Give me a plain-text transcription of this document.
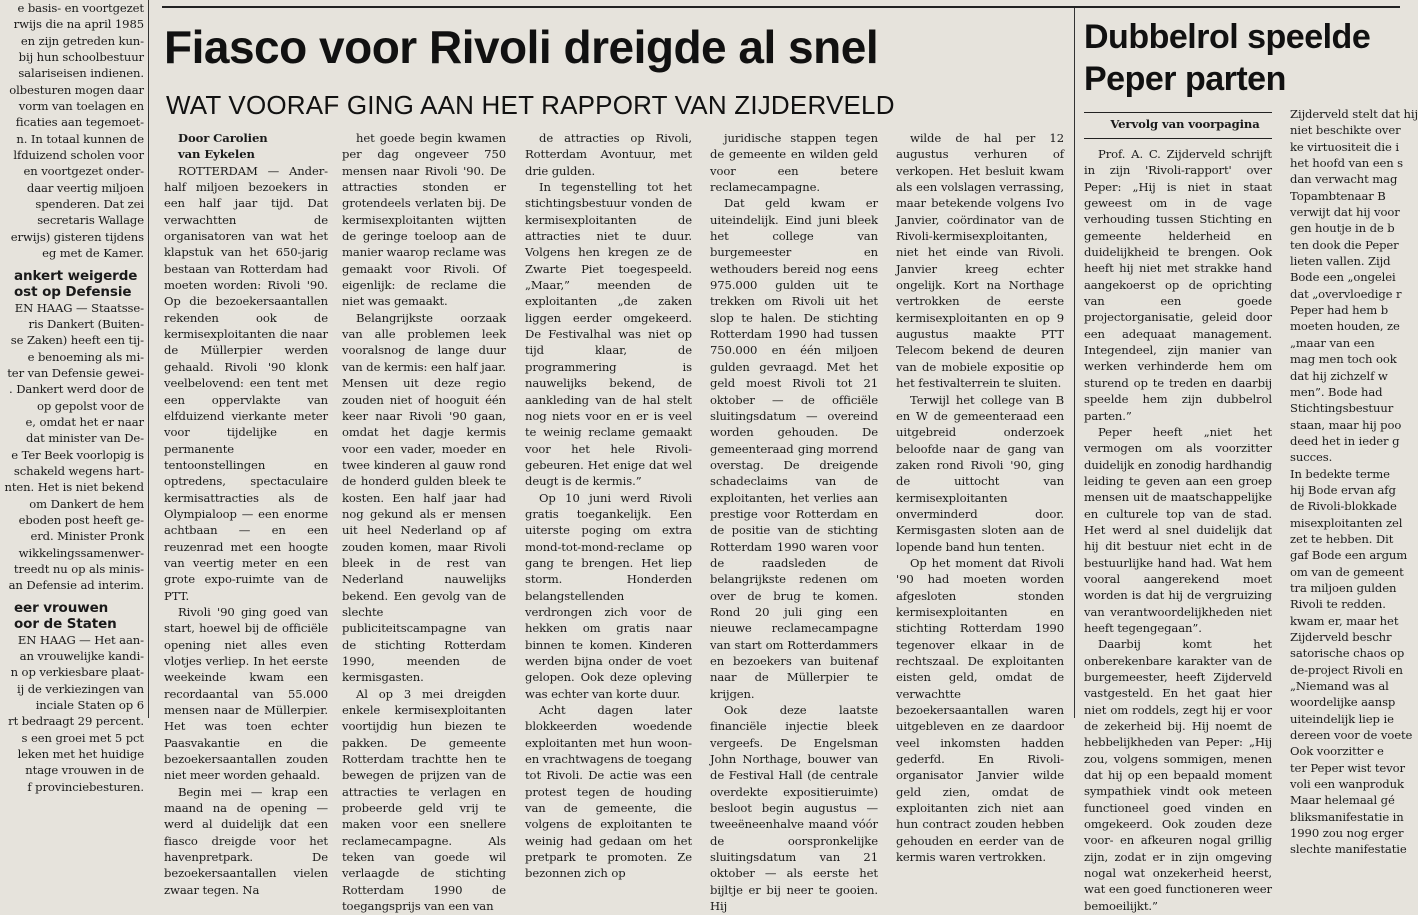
e basis- en voortgezet
rwijs die na april 1985
en zijn getreden kun-
bij hun schoolbestuur
salariseisen indienen.
olbesturen mogen daar
vorm van toelagen en
ficaties aan tegemoet-
n. In totaal kunnen de
lfduizend scholen voor
en voortgezet onder-
daar veertig miljoen
spenderen. Dat zei
secretaris Wallage
erwijs) gisteren tijdens
eg met de Kamer.

ankert weigerde
ost op Defensie

EN HAAG — Staatsse-
ris Dankert (Buiten-
se Zaken) heeft een tij-
e benoeming als mi-
ter van Defensie gewei-
. Dankert werd door de
op gepolst voor de
e, omdat het er naar
dat minister van De-
e Ter Beek voorlopig is
schakeld wegens hart-
nten. Het is niet bekend
om Dankert de hem
eboden post heeft ge-
erd. Minister Pronk
wikkelingssamenwer-
treedt nu op als minis-
an Defensie ad interim.

eer vrouwen
oor de Staten

EN HAAG — Het aan-
an vrouwelijke kandi-
n op verkiesbare plaat-
ij de verkiezingen van
inciale Staten op 6
rt bedraagt 29 percent.
s een groei met 5 pct
leken met het huidige
ntage vrouwen in de
f provinciebesturen.
Fiasco voor Rivoli dreigde al snel
WAT VOORAF GING AAN HET RAPPORT VAN ZIJDERVELD

Door Carolien

van Eykelen

ROTTERDAM — Ander-half miljoen bezoekers in een half jaar tijd. Dat verwachtten de organisatoren van wat het klapstuk van het 650-jarig bestaan van Rotterdam had moeten worden: Rivoli '90. Op die bezoekersaantallen rekenden ook de kermisexploitanten die naar de Müllerpier werden gehaald. Rivoli '90 klonk veelbelovend: een tent met een oppervlakte van elfduizend vierkante meter voor tijdelijke en permanente tentoonstellingen en optredens, spectaculaire kermisattracties als de Olympialoop — een enorme achtbaan — en een reuzenrad met een hoogte van veertig meter en een grote expo-ruimte van de PTT.

Rivoli '90 ging goed van start, hoewel bij de officiële opening niet alles even vlotjes verliep. In het eerste weekeinde kwam een recordaantal van 55.000 mensen naar de Müllerpier. Het was toen echter Paasvakantie en die bezoekersaantallen zouden niet meer worden gehaald.

Begin mei — krap een maand na de opening — werd al duidelijk dat een fiasco dreigde voor het havenpretpark. De bezoekersaantallen vielen zwaar tegen. Na

het goede begin kwamen per dag ongeveer 750 mensen naar Rivoli '90. De attracties stonden er grotendeels verlaten bij. De kermisexploitanten wijtten de geringe toeloop aan de manier waarop reclame was gemaakt voor Rivoli. Of eigenlijk: de reclame die niet was gemaakt.

Belangrijkste oorzaak van alle problemen leek vooralsnog de lange duur van de kermis: een half jaar. Mensen uit deze regio zouden niet of hooguit één keer naar Rivoli '90 gaan, omdat het dagje kermis voor een vader, moeder en twee kinderen al gauw rond de honderd gulden bleek te kosten. Een half jaar had nog gekund als er mensen uit heel Nederland op af zouden komen, maar Rivoli bleek in de rest van Nederland nauwelijks bekend. Een gevolg van de slechte publiciteitscampagne van de stichting Rotterdam 1990, meenden de kermisgasten.

Al op 3 mei dreigden enkele kermisexploitanten voortijdig hun biezen te pakken. De gemeente Rotterdam trachtte hen te bewegen de prijzen van de attracties te verlagen en probeerde geld vrij te maken voor een snellere reclamecampagne. Als teken van goede wil verlaagde de stichting Rotterdam 1990 de toegangsprijs van een van

de attracties op Rivoli, Rotterdam Avontuur, met drie gulden.

In tegenstelling tot het stichtingsbestuur vonden de kermisexploitanten de attracties niet te duur. Volgens hen kregen ze de Zwarte Piet toegespeeld. „Maar,” meenden de exploitanten „de zaken liggen eerder omgekeerd. De Festivalhal was niet op tijd klaar, de programmering is nauwelijks bekend, de aankleding van de hal stelt nog niets voor en er is veel te weinig reclame gemaakt voor het hele Rivoli-gebeuren. Het enige dat wel deugt is de kermis.”

Op 10 juni werd Rivoli gratis toegankelijk. Een uiterste poging om extra mond-tot-mond-reclame op gang te brengen. Het liep storm. Honderden belangstellenden verdrongen zich voor de hekken om gratis naar binnen te komen. Kinderen werden bijna onder de voet gelopen. Ook deze opleving was echter van korte duur.

Acht dagen later blokkeerden woedende exploitanten met hun woon- en vrachtwagens de toegang tot Rivoli. De actie was een protest tegen de houding van de gemeente, die volgens de exploitanten te weinig had gedaan om het pretpark te promoten. Ze bezonnen zich op

juridische stappen tegen de gemeente en wilden geld voor een betere reclamecampagne.

Dat geld kwam er uiteindelijk. Eind juni bleek het college van burgemeester en wethouders bereid nog eens 975.000 gulden uit te trekken om Rivoli uit het slop te halen. De stichting Rotterdam 1990 had tussen 750.000 en één miljoen gulden gevraagd. Met het geld moest Rivoli tot 21 oktober — de officiële sluitingsdatum — overeind worden gehouden. De gemeenteraad ging morrend overstag. De dreigende schadeclaims van de exploitanten, het verlies aan prestige voor Rotterdam en de positie van de stichting Rotterdam 1990 waren voor de raadsleden de belangrijkste redenen om over de brug te komen. Rond 20 juli ging een nieuwe reclamecampagne van start om Rotterdammers en bezoekers van buitenaf naar de Müllerpier te krijgen.

Ook deze laatste financiële injectie bleek vergeefs. De Engelsman John Northage, bouwer van de Festival Hall (de centrale overdekte expositieruimte) besloot begin augustus — tweeëneenhalve maand vóór de oorspronkelijke sluitingsdatum van 21 oktober — als eerste het bijltje er bij neer te gooien. Hij

wilde de hal per 12 augustus verhuren of verkopen. Het besluit kwam als een volslagen verrassing, maar betekende volgens Ivo Janvier, coördinator van de Rivoli-kermisexploitanten, niet het einde van Rivoli. Janvier kreeg echter ongelijk. Kort na Northage vertrokken de eerste kermisexploitanten en op 9 augustus maakte PTT Telecom bekend de deuren van de mobiele expositie op het festivalterrein te sluiten.

Terwijl het college van B en W de gemeenteraad een uitgebreid onderzoek beloofde naar de gang van zaken rond Rivoli '90, ging de uittocht van kermisexploitanten onverminderd door. Kermisgasten sloten aan de lopende band hun tenten.

Op het moment dat Rivoli '90 had moeten worden afgesloten stonden kermisexploitanten en stichting Rotterdam 1990 tegenover elkaar in de rechtszaal. De exploitanten eisten geld, omdat de verwachtte bezoekersaantallen waren uitgebleven en ze daardoor veel inkomsten hadden gederfd. En Rivoli-organisator Janvier wilde geld zien, omdat de exploitanten zich niet aan hun contract zouden hebben gehouden en eerder van de kermis waren vertrokken.

Dubbelrol speelde
Peper parten

Vervolg van voorpagina

Prof. A. C. Zijderveld schrijft in zijn 'Rivoli-rapport' over Peper: „Hij is niet in staat geweest om in de vage verhouding tussen Stichting en gemeente helderheid en duidelijkheid te brengen. Ook heeft hij niet met strakke hand aangekoerst op de oprichting van een goede projectorganisatie, geleid door een adequaat management. Integendeel, zijn manier van werken verhinderde hem om sturend op te treden en daarbij speelde hem zijn dubbelrol parten.”

Peper heeft „niet het vermogen om als voorzitter duidelijk en zonodig hardhandig leiding te geven aan een groep mensen uit de maatschappelijke en culturele top van de stad. Het werd al snel duidelijk dat hij dit bestuur niet echt in de bestuurlijke hand had. Wat hem vooral aangerekend moet worden is dat hij de vergruizing van verantwoordelijkheden niet heeft tegengegaan”.

Daarbij komt het onberekenbare karakter van de burgemeester, heeft Zijderveld vastgesteld. En het gaat hier niet om roddels, zegt hij er voor de zekerheid bij. Hij noemt de hebbelijkheden van Peper: „Hij zou, volgens sommigen, menen dat hij op een bepaald moment sympathiek vindt ook meteen functioneel goed vinden en omgekeerd. Ook zouden deze voor- en afkeuren nogal grillig zijn, zodat er in zijn omgeving nogal wat onzekerheid heerst, wat een goed functioneren weer bemoeilijkt.”

Zijderveld stelt dat hij
niet beschikte over
ke virtuositeit die i
het hoofd van een s
dan verwacht mag
Topambtenaar B
verwijt dat hij voor
gen houtje in de b
ten dook die Peper
lieten vallen. Zijd
Bode een „ongelei
dat „overvloedige r
Peper had hem b
moeten houden, ze
„maar van een
mag men toch ook
dat hij zichzelf w
men”. Bode had
Stichtingsbestuur
staan, maar hij poo
deed het in ieder g
succes.
In bedekte terme
hij Bode ervan afg
de Rivoli-blokkade
misexploitanten zel
zet te hebben. Dit
gaf Bode een argum
om van de gemeent
tra miljoen gulden
Rivoli te redden.
kwam er, maar het
Zijderveld beschr
satorische chaos op
de-project Rivoli en
„Niemand was al
woordelijke aansp
uiteindelijk liep ie
dereen voor de voete
Ook voorzitter e
ter Peper wist tevor
voli een wanproduk
Maar helemaal gé
bliksmanifestatie in
1990 zou nog erger
slechte manifestatie
